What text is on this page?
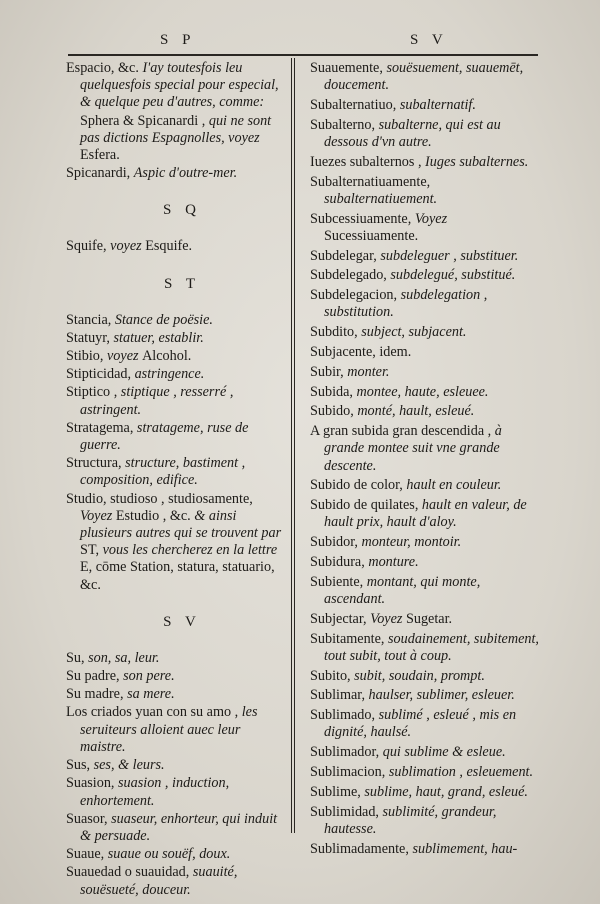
S P	S V
Espacio, &c. I'ay toutesfois leu quelquesfois special pour especial, & quelque peu d'autres, comme:
Sphera & Spicanardi , qui ne sont pas dictions Espagnolles, voyez Esfera.
Spicanardi, Aspic d'outre-mer.
S Q
Squife, voyez Esquife.
S T
Stancia, Stance de poësie.
Statuyr, statuer, establir.
Stibio, voyez Alcohol.
Stipticidad, astringence.
Stiptico , stiptique , resserré , astringent.
Stratagema, stratageme, ruse de guerre.
Structura, structure, bastiment , composition, edifice.
Studio, studioso , studiosamente, Voyez Estudio , &c. & ainsi plusieurs autres qui se trouvent par ST, vous les chercherez en la lettre E, cōme Station, statura, statuario, &c.
S V
Su, son, sa, leur.
Su padre, son pere.
Su madre, sa mere.
Los criados yuan con su amo , les seruiteurs alloient auec leur maistre.
Sus, ses, & leurs.
Suasion, suasion , induction, enhortement.
Suasor, suaseur, enhorteur, qui induit & persuade.
Suaue, suaue ou souëf, doux.
Suauedad o suauidad, suauité, souësueté, douceur.
Suauemente, souësuement, suauemēt, doucement.
Subalternatiuo, subalternatif.
Subalterno, subalterne, qui est au dessous d'vn autre.
Iuezes subalternos , Iuges subalternes.
Subalternatiuamente, subalternatiuement.
Subcessiuamente, Voyez Sucessiuamente.
Subdelegar, subdeleguer , substituer.
Subdelegado, subdelegué, substitué.
Subdelegacion, subdelegation , substitution.
Subdito, subject, subjacent.
Subjacente, idem.
Subir, monter.
Subida, montee, haute, esleuee.
Subido, monté, hault, esleué.
A gran subida gran descendida , à grande montee suit vne grande descente.
Subido de color, hault en couleur.
Subido de quilates, hault en valeur, de hault prix, hault d'aloy.
Subidor, monteur, montoir.
Subidura, monture.
Subiente, montant, qui monte, ascendant.
Subjectar, Voyez Sugetar.
Subitamente, soudainement, subitement, tout subit, tout à coup.
Subito, subit, soudain, prompt.
Sublimar, haulser, sublimer, esleuer.
Sublimado, sublimé , esleué , mis en dignité, haulsé.
Sublimador, qui sublime & esleue.
Sublimacion, sublimation , esleuement.
Sublime, sublime, haut, grand, esleué.
Sublimidad, sublimité, grandeur, hautesse.
Sublimadamente, sublimement, hau-
